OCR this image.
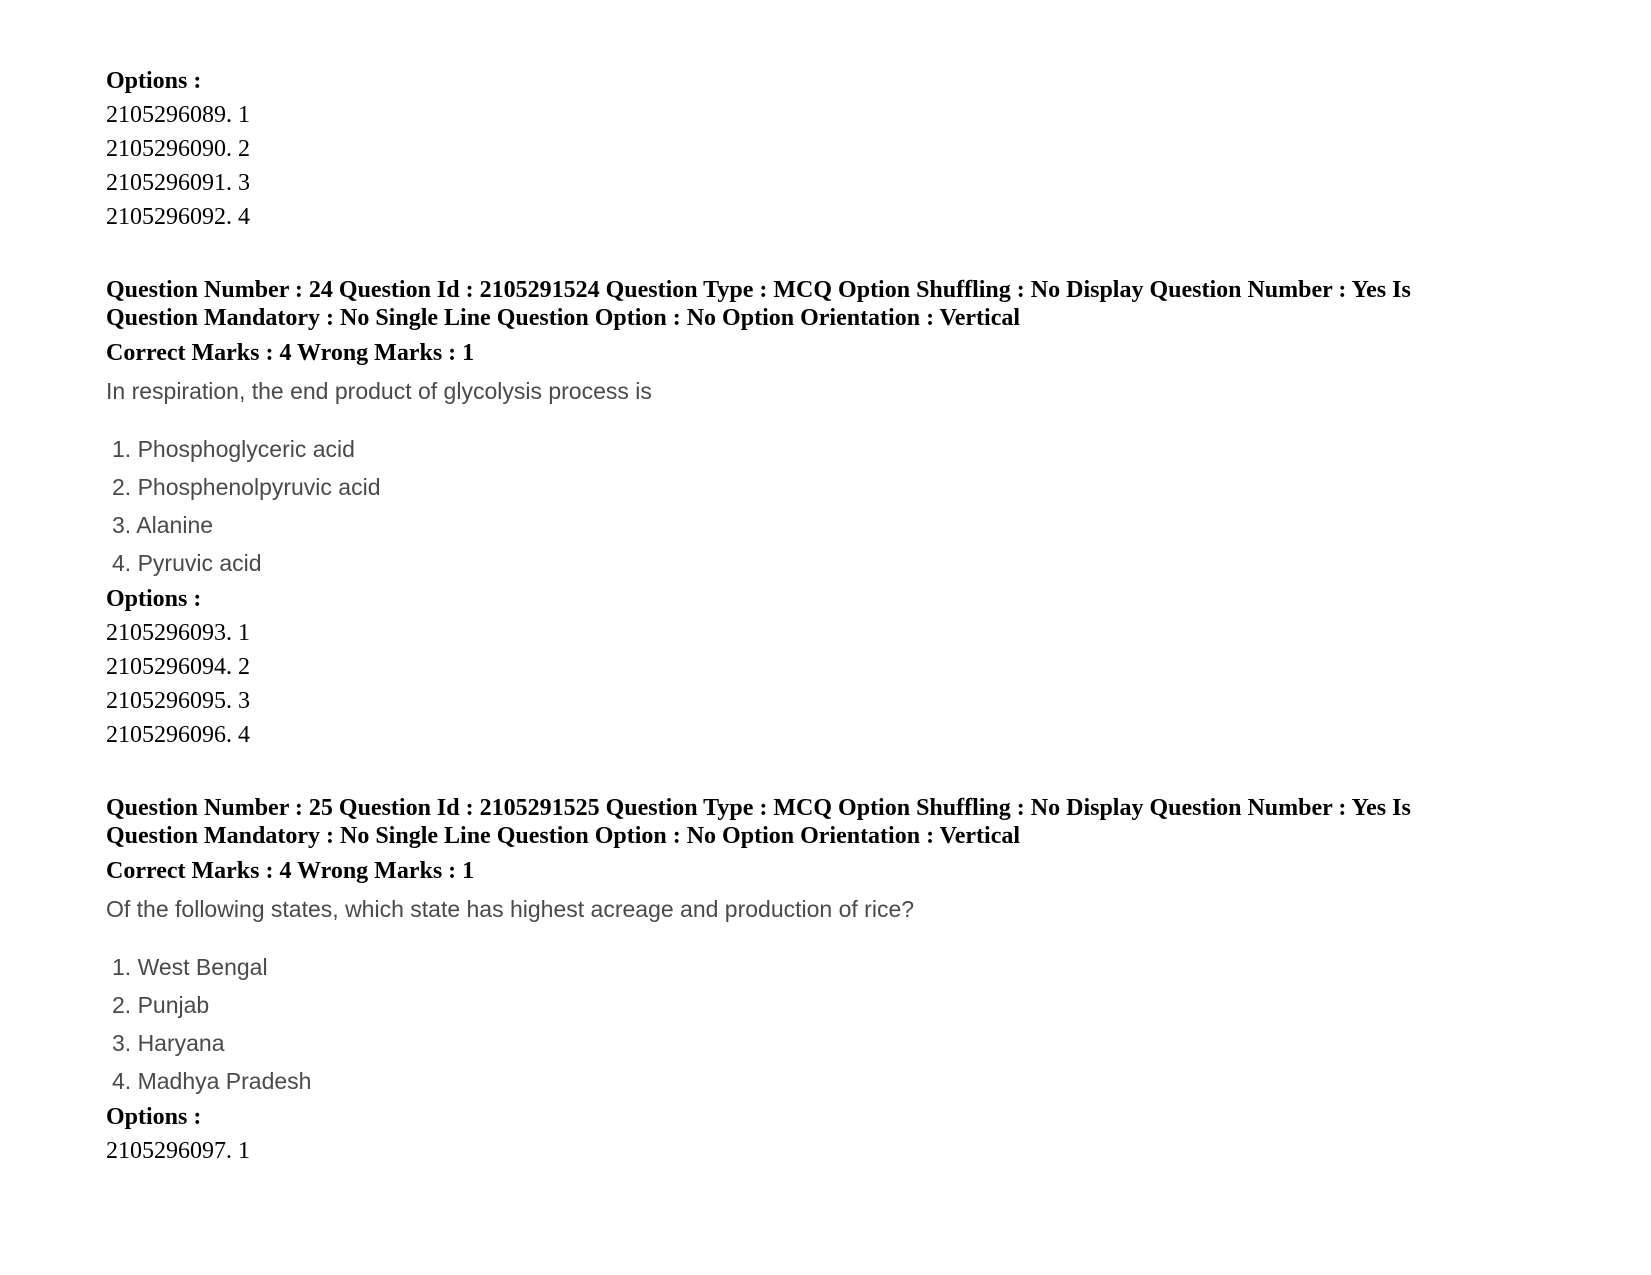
Options :
2105296089. 1
2105296090. 2
2105296091. 3
2105296092. 4
Question Number : 24 Question Id : 2105291524 Question Type : MCQ Option Shuffling : No Display Question Number : Yes Is
Question Mandatory : No Single Line Question Option : No Option Orientation : Vertical
Correct Marks : 4 Wrong Marks : 1
In respiration, the end product of glycolysis process is
1. Phosphoglyceric acid
2. Phosphenolpyruvic acid
3. Alanine
4. Pyruvic acid
Options :
2105296093. 1
2105296094. 2
2105296095. 3
2105296096. 4
Question Number : 25 Question Id : 2105291525 Question Type : MCQ Option Shuffling : No Display Question Number : Yes Is
Question Mandatory : No Single Line Question Option : No Option Orientation : Vertical
Correct Marks : 4 Wrong Marks : 1
Of the following states, which state has highest acreage and production of rice?
1. West Bengal
2. Punjab
3. Haryana
4. Madhya Pradesh
Options :
2105296097. 1
